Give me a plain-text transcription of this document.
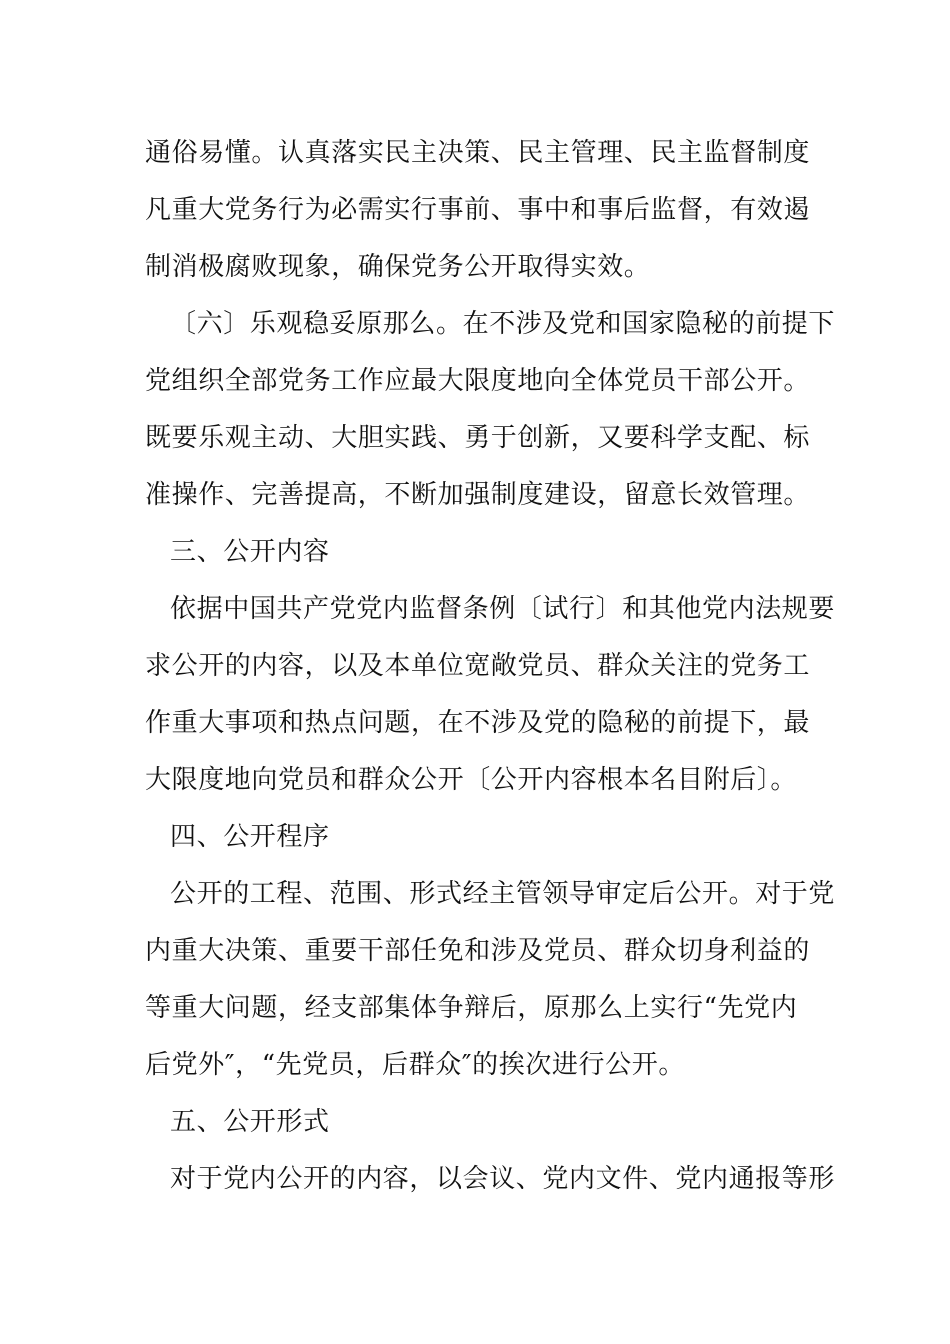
通俗易懂。认真落实民主决策、民主管理、民主监督制度
凡重大党务行为必需实行事前、事中和事后监督，有效遏
制消极腐败现象，确保党务公开取得实效。
〔六〕乐观稳妥原那么。在不涉及党和国家隐秘的前提下
党组织全部党务工作应最大限度地向全体党员干部公开。
既要乐观主动、大胆实践、勇于创新，又要科学支配、标
准操作、完善提高，不断加强制度建设，留意长效管理。
三、公开内容
依据中国共产党党内监督条例〔试行〕和其他党内法规要
求公开的内容，以及本单位宽敞党员、群众关注的党务工
作重大事项和热点问题，在不涉及党的隐秘的前提下，最
大限度地向党员和群众公开〔公开内容根本名目附后〕。
四、公开程序
公开的工程、范围、形式经主管领导审定后公开。对于党
内重大决策、重要干部任免和涉及党员、群众切身利益的
等重大问题，经支部集体争辩后，原那么上实行“先党内
后党外″，“先党员，后群众″的挨次进行公开。
五、公开形式
对于党内公开的内容，以会议、党内文件、党内通报等形
